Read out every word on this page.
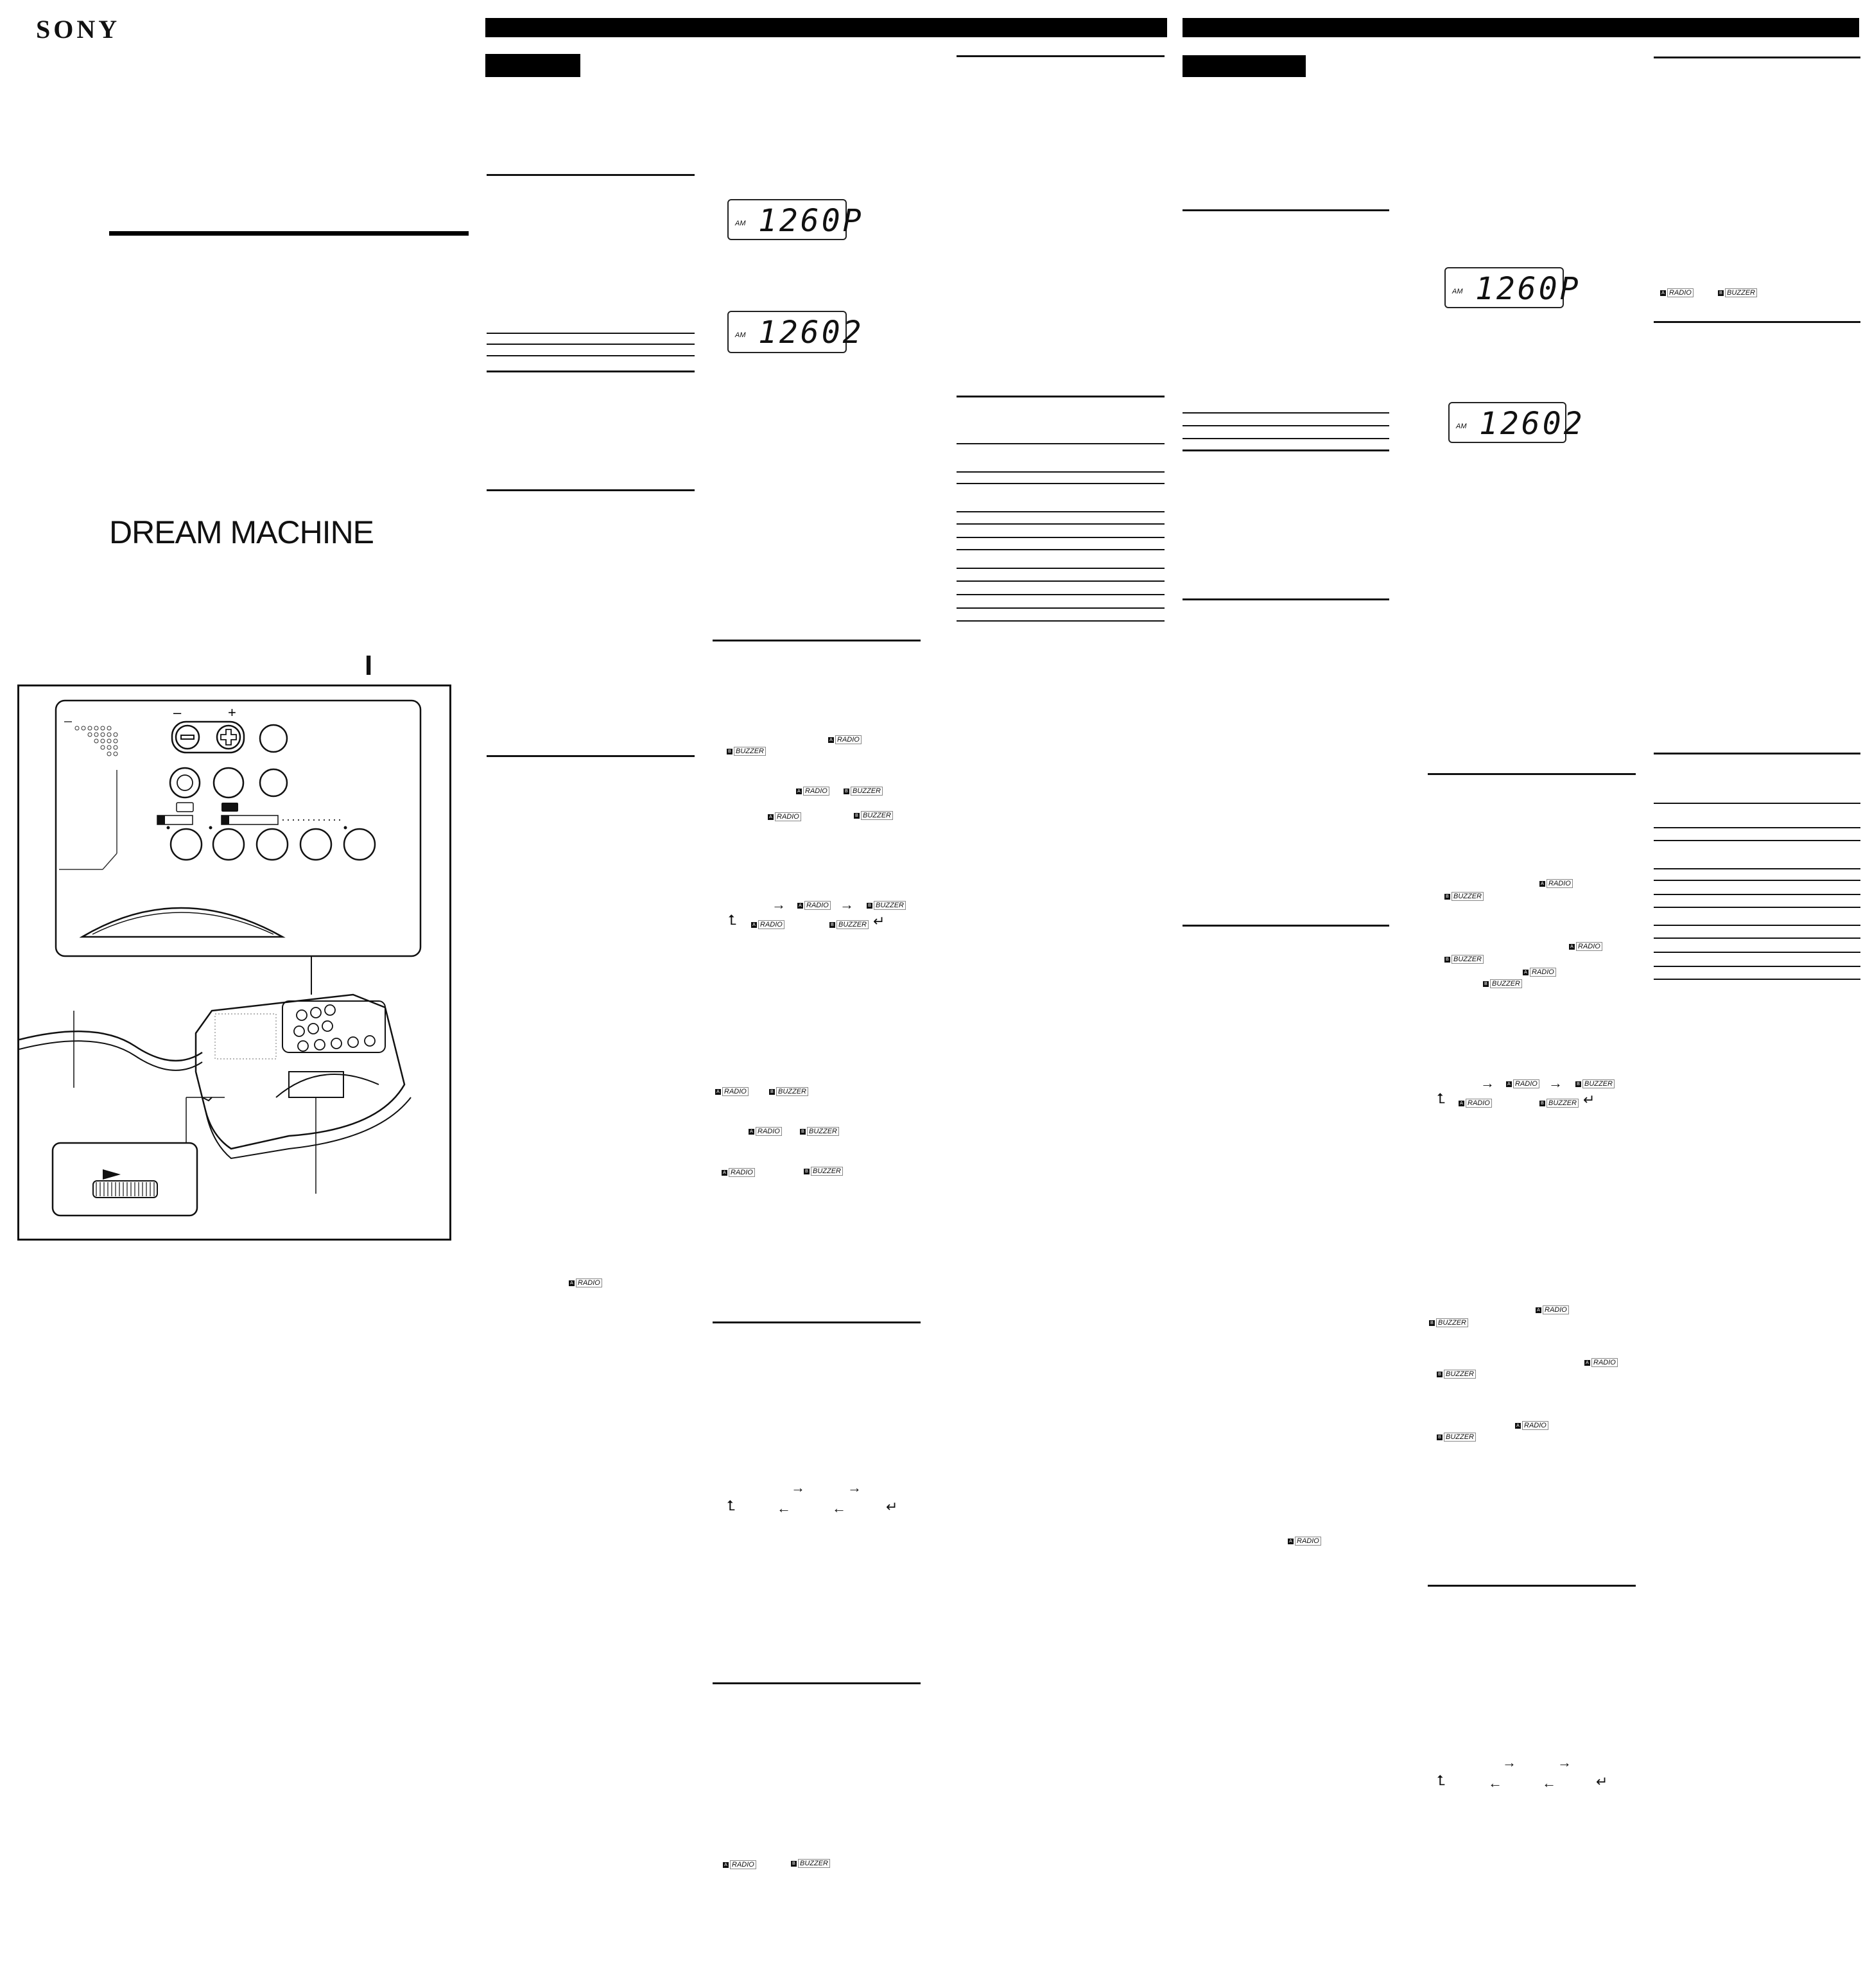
SONY
DREAM MACHINE
I
–	+
AM 1260P
AM 12602
A RADIO
B BUZZER
A RADIO	B BUZZER
A RADIO	B BUZZER
→	A RADIO →	B BUZZER
⮤	A RADIO	B BUZZER ↵
A RADIO	B BUZZER
A RADIO	B BUZZER
A RADIO	B BUZZER
A RADIO
→	→
⮤	←	←	↵
A RADIO	B BUZZER
A RADIO
AM 1260P
AM 12602
A RADIO
B BUZZER
A RADIO
B BUZZER
A RADIO
B BUZZER
→	A RADIO →	B BUZZER
⮤	A RADIO	B BUZZER ↵
A RADIO
B BUZZER
A RADIO
B BUZZER
A RADIO
B BUZZER
→	→
⮤	←	←	↵
A RADIO	B BUZZER
